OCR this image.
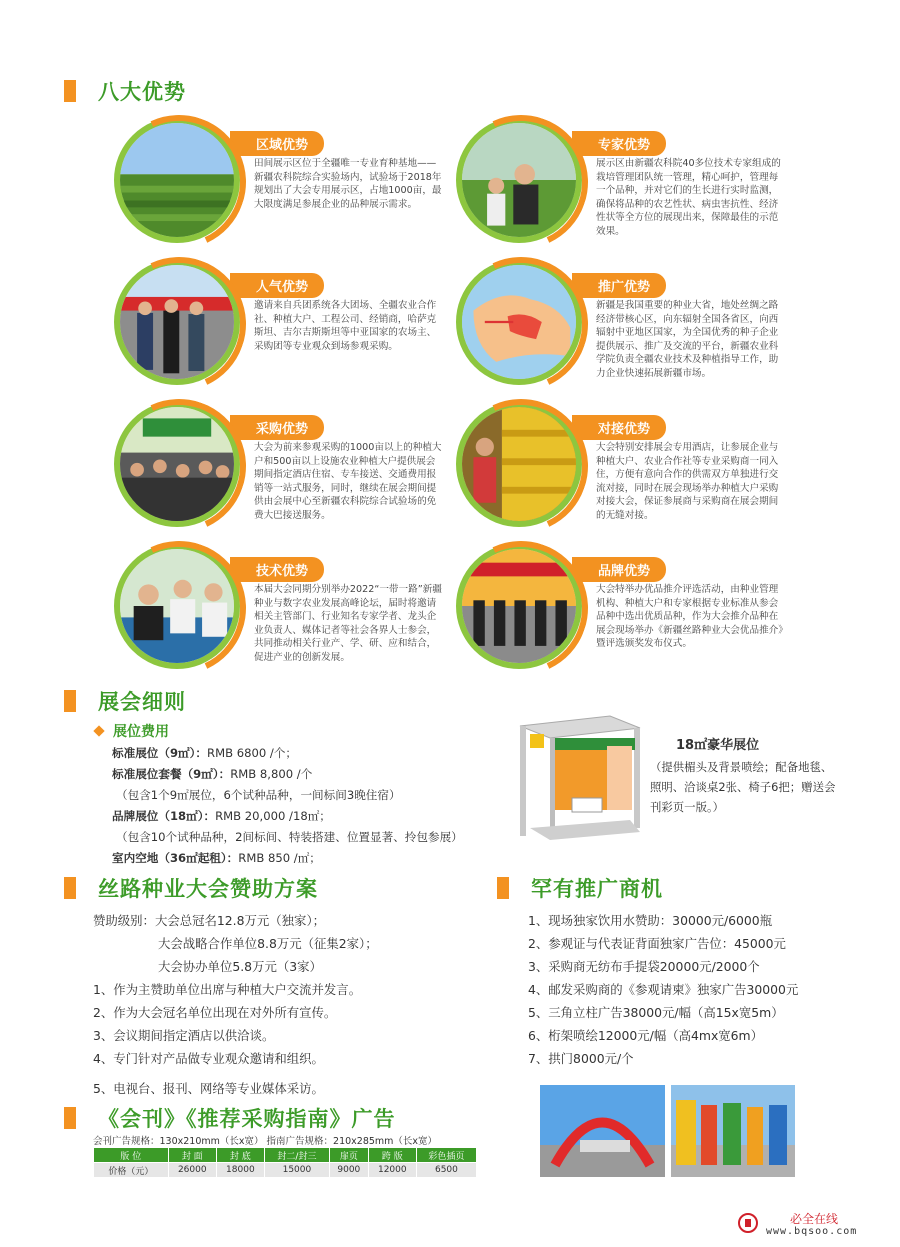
八大优势
区域优势
田间展示区位于全疆唯一专业育种基地——新疆农科院综合实验场内，试验场于2018年规划出了大会专用展示区，占地1000亩，最大限度满足参展企业的品种展示需求。
专家优势
展示区由新疆农科院40多位技术专家组成的栽培管理团队统一管理，精心呵护，管理每一个品种，并对它们的生长进行实时监测，确保将品种的农艺性状、病虫害抗性、经济性状等全方位的展现出来，保障最佳的示范效果。
人气优势
邀请来自兵团系统各大团场、全疆农业合作社、种植大户、工程公司、经销商，哈萨克斯坦、吉尔吉斯斯坦等中亚国家的农场主、采购团等专业观众到场参观采购。
推广优势
新疆是我国重要的种业大省，地处丝绸之路经济带核心区，向东辐射全国各省区，向西辐射中亚地区国家，为全国优秀的种子企业提供展示、推广及交流的平台，新疆农业科学院负责全疆农业技术及种植指导工作，助力企业快速拓展新疆市场。
采购优势
大会为前来参观采购的1000亩以上的种植大户和500亩以上设施农业种植大户提供展会期间指定酒店住宿、专车接送、交通费用报销等一站式服务，同时，继续在展会期间提供由会展中心至新疆农科院综合试验场的免费大巴接送服务。
对接优势
大会特别安排展会专用酒店，让参展企业与种植大户、农业合作社等专业采购商一同入住，方便有意向合作的供需双方单独进行交流对接，同时在展会现场举办种植大户采购对接大会，保证参展商与采购商在展会期间的无缝对接。
技术优势
本届大会同期分别举办2022“一带一路”新疆种业与数字农业发展高峰论坛，届时将邀请相关主管部门、行业知名专家学者、龙头企业负责人、媒体记者等社会各界人士参会，共同推动相关行业产、学、研、应和结合，促进产业的创新发展。
品牌优势
大会特举办优品推介评选活动，由种业管理机构、种植大户和专家根据专业标准从参会品种中选出优质品种，作为大会推介品种在展会现场举办《新疆丝路种业大会优品推介》暨评选颁奖发布仪式。
展会细则
展位费用
标准展位（9㎡）：RMB 6800 /个；
标准展位套餐（9㎡）：RMB 8,800 /个
（包含1个9㎡展位，6个试种品种，一间标间3晚住宿）
品牌展位（18㎡）：RMB 20,000 /18㎡；
（包含10个试种品种，2间标间、特装搭建、位置显著、拎包参展）
室内空地（36㎡起租）：RMB 850 /㎡；
18㎡豪华展位
（提供楣头及背景喷绘；配备地毯、照明、洽谈桌2张、椅子6把；赠送会刊彩页一版。）
丝路种业大会赞助方案
赞助级别：大会总冠名12.8万元（独家）；
大会战略合作单位8.8万元（征集2家）；
大会协办单位5.8万元（3家）
1、作为主赞助单位出席与种植大户交流并发言。
2、作为大会冠名单位出现在对外所有宣传。
3、会议期间指定酒店以供洽谈。
4、专门针对产品做专业观众邀请和组织。
5、电视台、报刊、网络等专业媒体采访。
罕有推广商机
1、现场独家饮用水赞助：30000元/6000瓶
2、参观证与代表证背面独家广告位：45000元
3、采购商无纺布手提袋20000元/2000个
4、邮发采购商的《参观请柬》独家广告30000元
5、三角立柱广告38000元/幅（高15x宽5m）
6、桁架喷绘12000元/幅（高4mx宽6m）
7、拱门8000元/个
《会刊》《推荐采购指南》广告
会刊广告规格：130x210mm（长x宽） 指南广告规格：210x285mm（长x宽）
版 位	封 面	封 底	封二/封三	扉页	跨 版	彩色插页
价格（元）	26000	18000	15000	9000	12000	6500
必全在线
www.bqsoo.com
